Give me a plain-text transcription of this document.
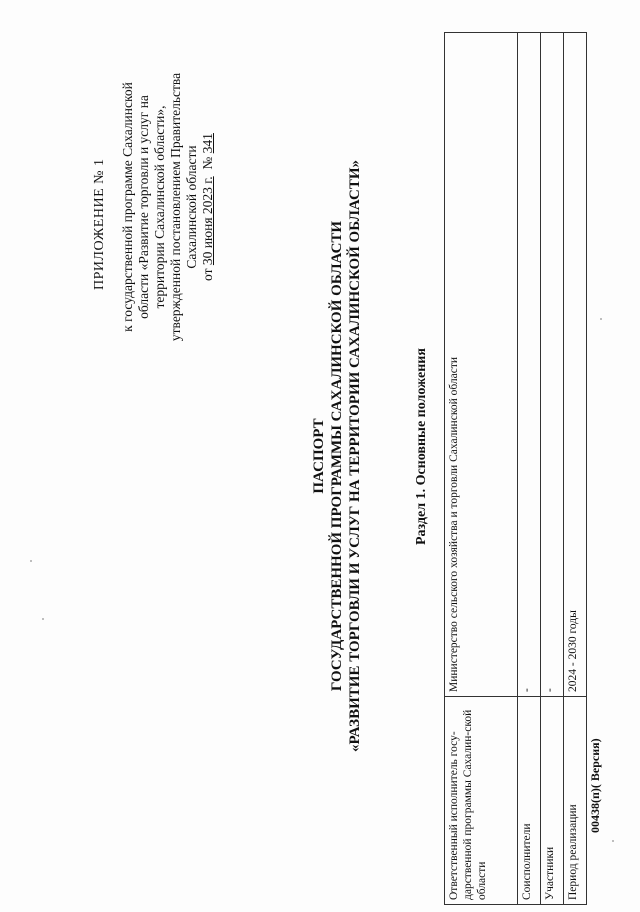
ПРИЛОЖЕНИЕ № 1 к государственной программе Сахалинской области «Развитие торговли и услуг на территории Сахалинской области», утвержденной постановлением Правительства Сахалинской области
от 30 июня 2023 г.  № 341
ПАСПОРТ ГОСУДАРСТВЕННОЙ ПРОГРАММЫ САХАЛИНСКОЙ ОБЛАСТИ «РАЗВИТИЕ ТОРГОВЛИ И УСЛУГ НА ТЕРРИТОРИИ САХАЛИНСКОЙ ОБЛАСТИ»	Раздел 1. Основные положения
Ответственный исполнитель госу-дарственной программы Сахалин-ской области	Министерство сельского хозяйства и торговли Сахалинской области
Соисполнители	-
Участники	-
Период реализации	2024 - 2030 годы
00438(п)( Версия)
